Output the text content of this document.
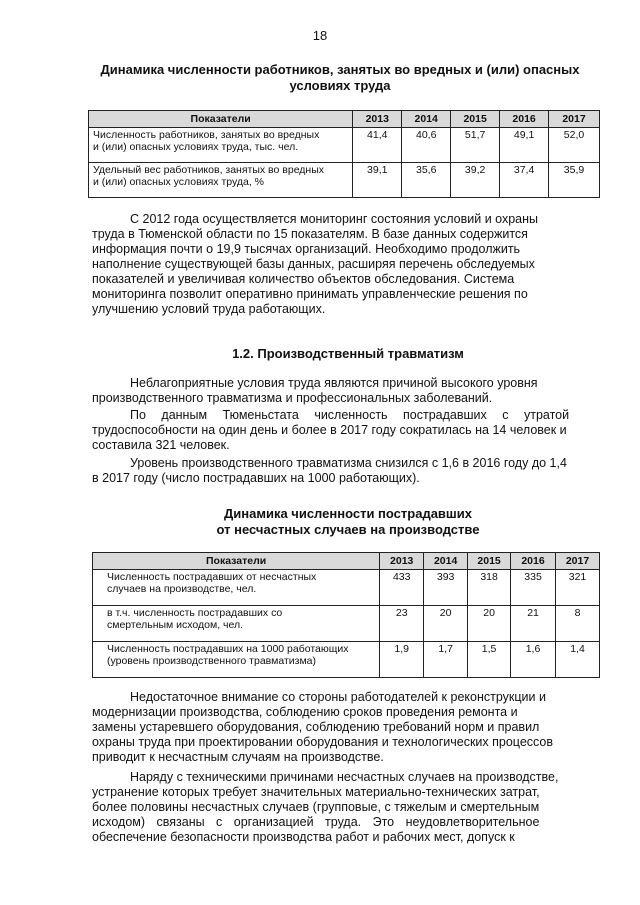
18
Динамика численности работников, занятых во вредных и (или) опасных
условиях труда
Показатели	2013	2014	2015	2016	2017

Численность работников, занятых во вредных
и (или) опасных условиях труда, тыс. чел.	41,4	40,6	51,7	49,1	52,0

Удельный вес работников, занятых во вредных
и (или) опасных условиях труда, %	39,1	35,6	39,2	37,4	35,9
С 2012 года осуществляется мониторинг состояния условий и охраны
труда в Тюменской области по 15 показателям. В базе данных содержится
информация почти о 19,9 тысячах организаций. Необходимо продолжить
наполнение существующей базы данных, расширяя перечень обследуемых
показателей и увеличивая количество объектов обследования. Система
мониторинга позволит оперативно принимать управленческие решения по
улучшению условий труда работающих.
1.2. Производственный травматизм
Неблагоприятные условия труда являются причиной высокого уровня
производственного травматизма и профессиональных заболеваний.
По данным Тюменьстата численность пострадавших с утратой
трудоспособности на один день и более в 2017 году сократилась на 14 человек и
составила 321 человек.
Уровень производственного травматизма снизился с 1,6 в 2016 году до 1,4
в 2017 году (число пострадавших на 1000 работающих).
Динамика численности пострадавших
от несчастных случаев на производстве
Показатели	2013	2014	2015	2016	2017

Численность пострадавших от несчастных
случаев на производстве, чел.	433	393	318	335	321

в т.ч. численность пострадавших со
смертельным исходом, чел.	23	20	20	21	8

Численность пострадавших на 1000 работающих
(уровень производственного травматизма)	1,9	1,7	1,5	1,6	1,4
Недостаточное внимание со стороны работодателей к реконструкции и
модернизации производства, соблюдению сроков проведения ремонта и
замены устаревшего оборудования, соблюдению требований норм и правил
охраны труда при проектировании оборудования и технологических процессов
приводит к несчастным случаям на производстве.
Наряду с техническими причинами несчастных случаев на производстве,
устранение которых требует значительных материально-технических затрат,
более половины несчастных случаев (групповые, с тяжелым и смертельным
исходом) связаны с организацией труда. Это неудовлетворительное
обеспечение безопасности производства работ и рабочих мест, допуск к
